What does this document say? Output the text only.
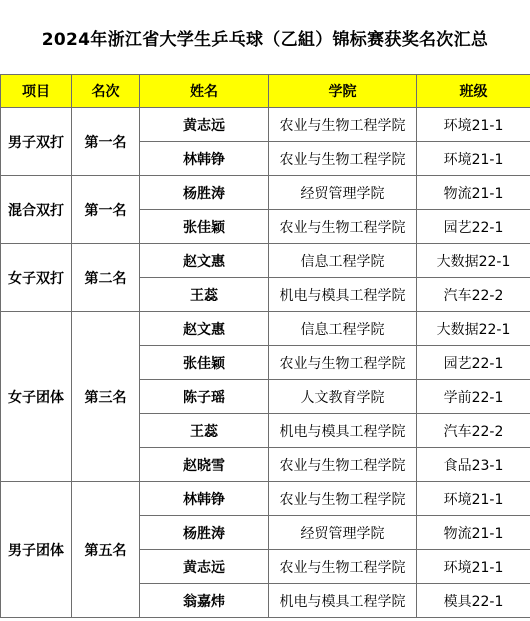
2024年浙江省大学生乒乓球（乙組）锦标赛获奖名次汇总
项目	名次	姓名	学院	班级
男子双打	第一名	黄志远	农业与生物工程学院	环境21-1
		林韩铮	农业与生物工程学院	环境21-1
混合双打	第一名	杨胜涛	经贸管理学院	物流21-1
		张佳颖	农业与生物工程学院	园艺22-1
女子双打	第二名	赵文惠	信息工程学院	大数据22-1
		王蕊	机电与模具工程学院	汽车22-2
女子团体	第三名	赵文惠	信息工程学院	大数据22-1
		张佳颖	农业与生物工程学院	园艺22-1
		陈子瑶	人文教育学院	学前22-1
		王蕊	机电与模具工程学院	汽车22-2
		赵晓雪	农业与生物工程学院	食品23-1
男子团体	第五名	林韩铮	农业与生物工程学院	环境21-1
		杨胜涛	经贸管理学院	物流21-1
		黄志远	农业与生物工程学院	环境21-1
		翁嘉炜	机电与模具工程学院	模具22-1
